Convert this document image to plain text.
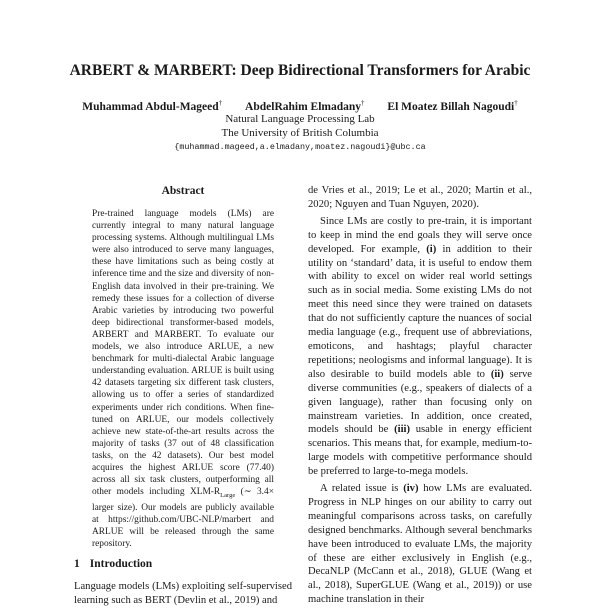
ARBERT & MARBERT: Deep Bidirectional Transformers for Arabic
Muhammad Abdul-Mageed† AbdelRahim Elmadany† El Moatez Billah Nagoudi†
Natural Language Processing Lab
The University of British Columbia
{muhammad.mageed,a.elmadany,moatez.nagoudi}@ubc.ca
Abstract
Pre-trained language models (LMs) are currently integral to many natural language processing systems. Although multilingual LMs were also introduced to serve many languages, these have limitations such as being costly at inference time and the size and diversity of non-English data involved in their pre-training. We remedy these issues for a collection of diverse Arabic varieties by introducing two powerful deep bidirectional transformer-based models, ARBERT and MARBERT. To evaluate our models, we also introduce ARLUE, a new benchmark for multi-dialectal Arabic language understanding evaluation. ARLUE is built using 42 datasets targeting six different task clusters, allowing us to offer a series of standardized experiments under rich conditions. When fine-tuned on ARLUE, our models collectively achieve new state-of-the-art results across the majority of tasks (37 out of 48 classification tasks, on the 42 datasets). Our best model acquires the highest ARLUE score (77.40) across all six task clusters, outperforming all other models including XLM-$R_{Large}$ (∼ 3.4× larger size). Our models are publicly available at https://github.com/UBC-NLP/marbert and ARLUE will be released through the same repository.
1 Introduction
Language models (LMs) exploiting self-supervised learning such as BERT (Devlin et al., 2019) and

de Vries et al., 2019; Le et al., 2020; Martin et al., 2020; Nguyen and Tuan Nguyen, 2020).

Since LMs are costly to pre-train, it is important to keep in mind the end goals they will serve once developed. For example, (i) in addition to their utility on ‘standard’ data, it is useful to endow them with ability to excel on wider real world settings such as in social media. Some existing LMs do not meet this need since they were trained on datasets that do not sufficiently capture the nuances of social media language (e.g., frequent use of abbreviations, emoticons, and hashtags; playful character repetitions; neologisms and informal language). It is also desirable to build models able to (ii) serve diverse communities (e.g., speakers of dialects of a given language), rather than focusing only on mainstream varieties. In addition, once created, models should be (iii) usable in energy efficient scenarios. This means that, for example, medium-to-large models with competitive performance should be preferred to large-to-mega models.

A related issue is (iv) how LMs are evaluated. Progress in NLP hinges on our ability to carry out meaningful comparisons across tasks, on carefully designed benchmarks. Although several benchmarks have been introduced to evaluate LMs, the majority of these are either exclusively in English (e.g., DecaNLP (McCann et al., 2018), GLUE (Wang et al., 2018), SuperGLUE (Wang et al., 2019)) or use machine translation in their
